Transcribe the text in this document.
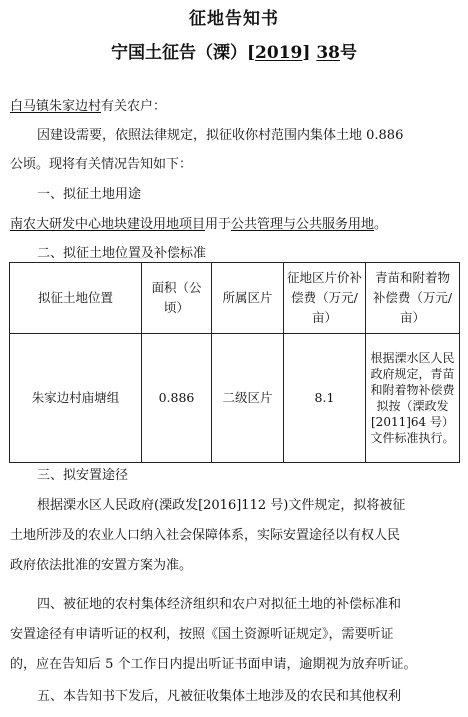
征地告知书
宁国土征告（溧）[2019] 38号
白马镇朱家边村有关农户：
因建设需要，依照法律规定，拟征收你村范围内集体土地 0.886
公顷。现将有关情况告知如下：
一、拟征土地用途
南农大研发中心地块建设用地项目用于公共管理与公共服务用地。
二、拟征土地位置及补偿标准
拟征土地位置	面积（公顷）	所属区片	征地区片价补偿费（万元/亩）	青苗和附着物补偿费（万元/亩）
朱家边村庙塘组	0.886	二级区片	8.1	根据溧水区人民政府规定，青苗和附着物补偿费拟按（溧政发[2011]64 号）文件标准执行。
三、拟安置途径
根据溧水区人民政府(溧政发[2016]112 号)文件规定，拟将被征
土地所涉及的农业人口纳入社会保障体系，实际安置途径以有权人民
政府依法批准的安置方案为准。
四、被征地的农村集体经济组织和农户对拟征土地的补偿标准和
安置途径有申请听证的权利，按照《国土资源听证规定》，需要听证
的，应在告知后 5 个工作日内提出听证书面申请，逾期视为放弃听证。
五、本告知书下发后，凡被征收集体土地涉及的农民和其他权利
